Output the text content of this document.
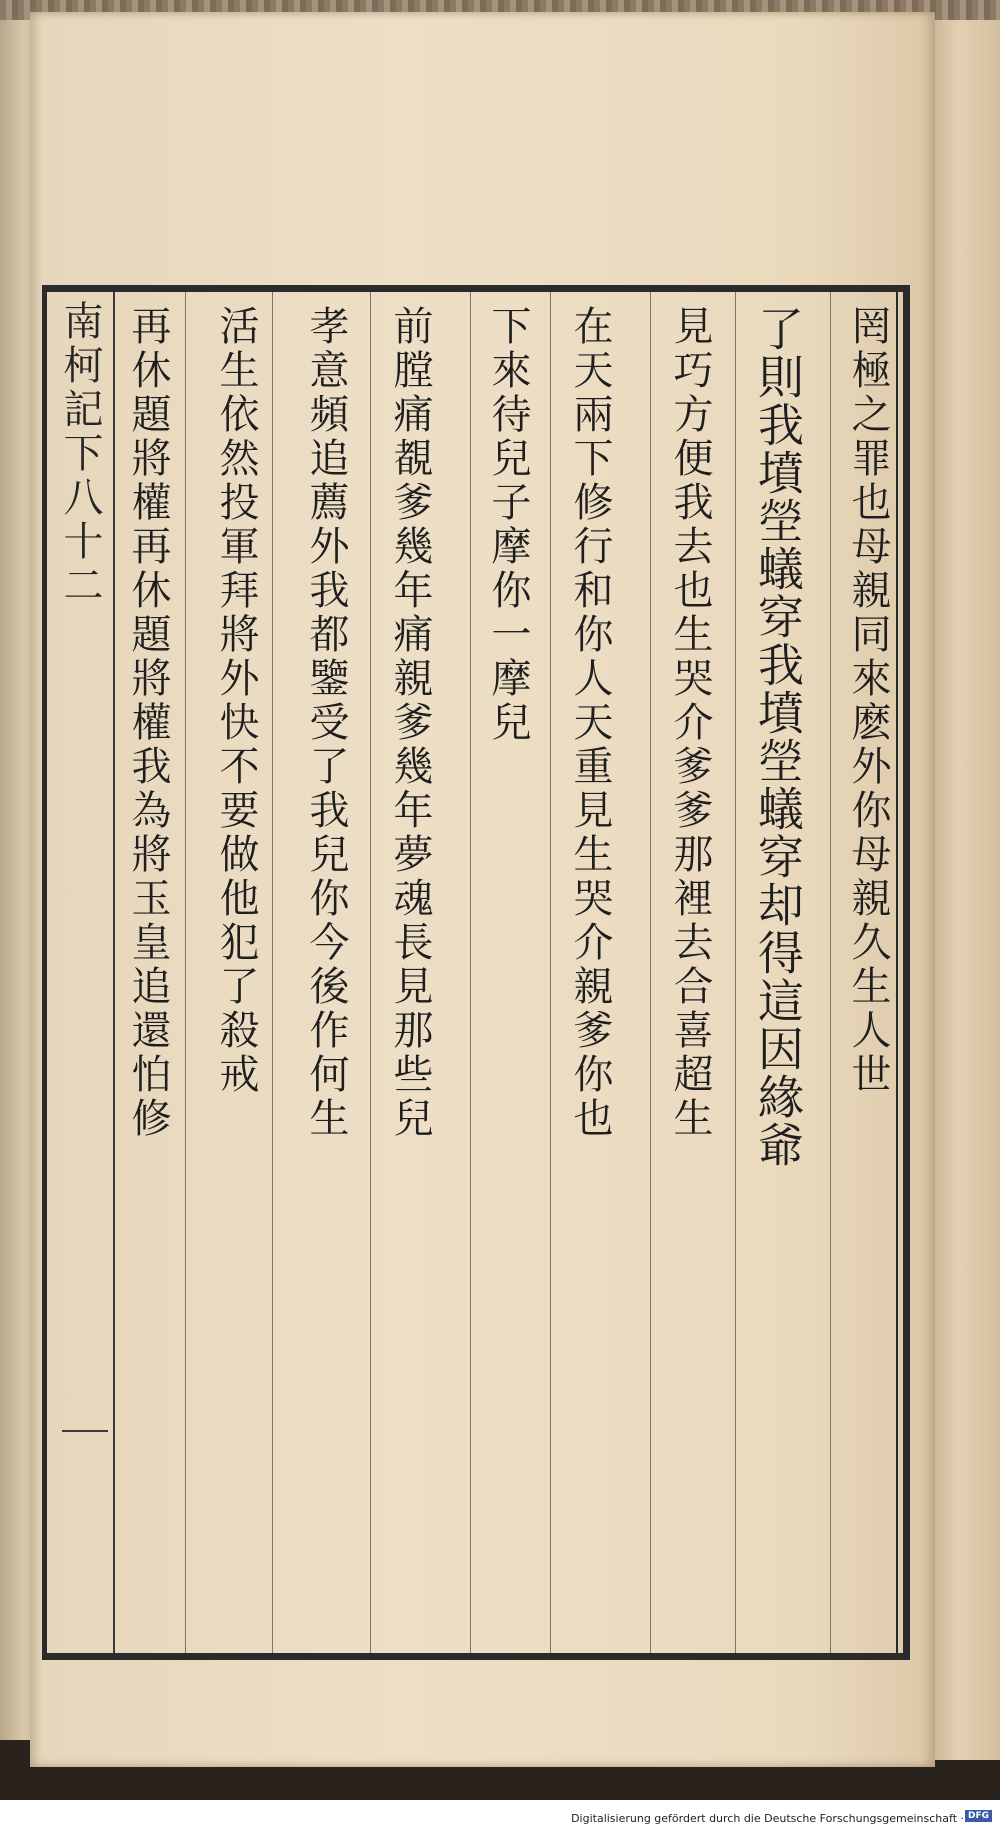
南柯記下八十二	罔極之罪也母親同來麽外你母親久生人世
了則我墳塋蟻穿我墳塋蟻穿却得這因緣爺
見巧方便我去也生哭介爹爹那裡去合喜超生
在天兩下修行和你人天重見生哭介親爹你也
下來待兒子摩你一摩兒
前膛痛覩爹幾年痛親爹幾年夢魂長見那些兒
孝意頻追薦外我都鑒受了我兒你今後作何生
活生依然投軍拜將外快不要做他犯了殺戒
再休題將權再休題將權我為將玉皇追還怕修
Digitalisierung gefördert durch die Deutsche Forschungsgemeinschaft · DFG
